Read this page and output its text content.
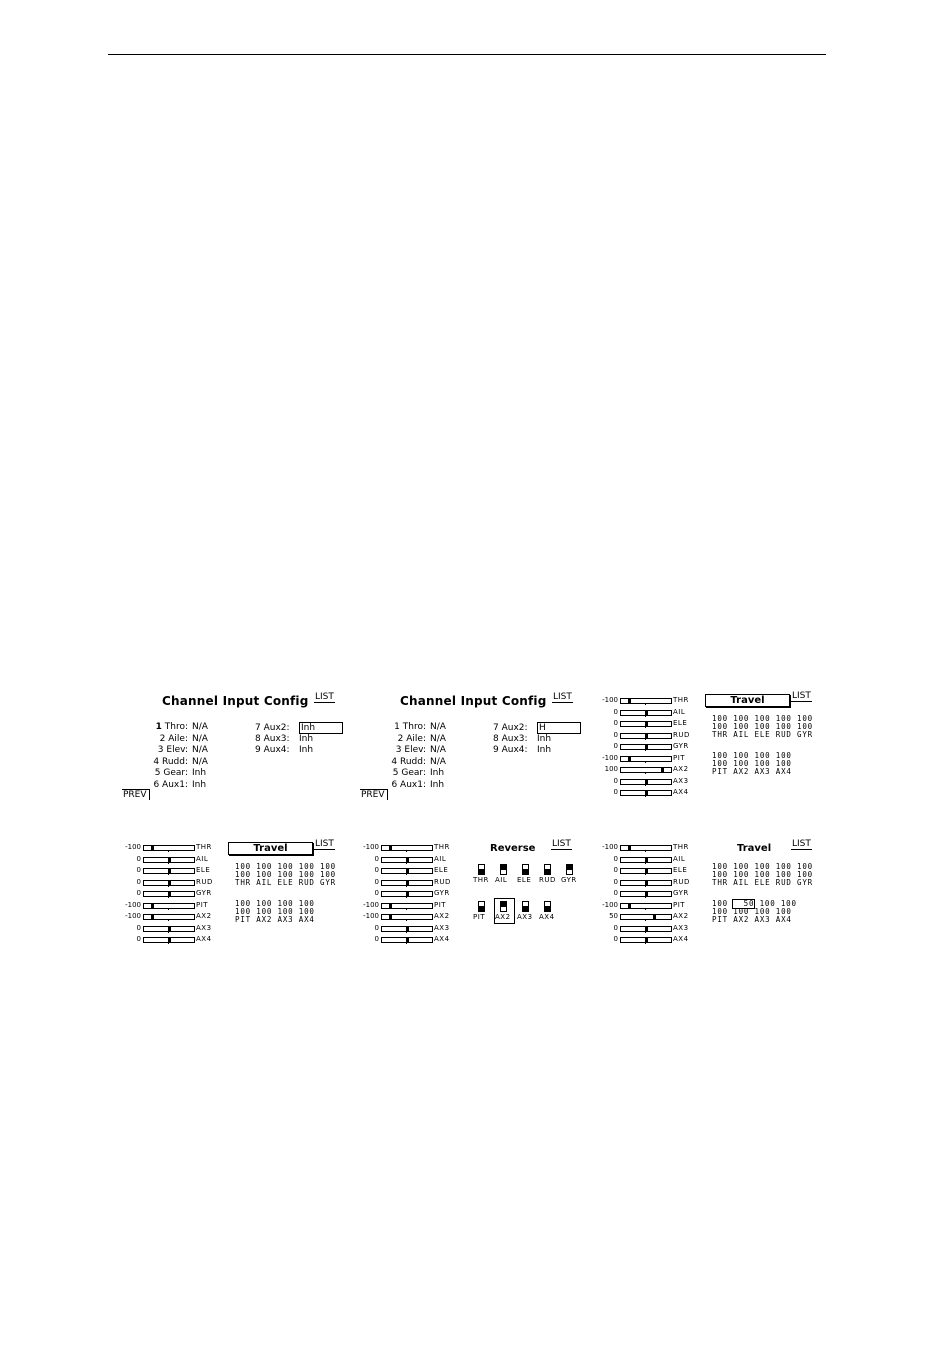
Channel Input Config LIST
1 Thro: N/A
2 Aile: N/A
3 Elev: N/A
4 Rudd: N/A
5 Gear: Inh
6 Aux1: Inh
7 Aux2: Inh
8 Aux3: Inh
9 Aux4: Inh
PREV
Channel Input Config LIST
1 Thro: N/A
2 Aile: N/A
3 Elev: N/A
4 Rudd: N/A
5 Gear: Inh
6 Aux1: Inh
7 Aux2: H
8 Aux3: Inh
9 Aux4: Inh
PREV
-100	THR
0	AIL
0	ELE
0	RUD
0	GYR
-100	PIT
100	AX2
0	AX3
0	AX4
Travel	LIST
100 100 100 100 100
100 100 100 100 100
THR AIL ELE RUD GYR
100 100 100 100
100 100 100 100
PIT AX2 AX3 AX4
-100	THR
0	AIL
0	ELE
0	RUD
0	GYR
-100	PIT
-100	AX2
0	AX3
0	AX4
Travel	LIST
100 100 100 100 100
100 100 100 100 100
THR AIL ELE RUD GYR
100 100 100 100
100 100 100 100
PIT AX2 AX3 AX4
-100	THR
0	AIL
0	ELE
0	RUD
0	GYR
-100	PIT
-100	AX2
0	AX3
0	AX4
Reverse LIST
THR AIL ELE RUD GYR
PIT AX2 AX3 AX4
-100	THR
0	AIL
0	ELE
0	RUD
0	GYR
-100	PIT
50	AX2
0	AX3
0	AX4
Travel LIST
100 100 100 100 100
100 100 100 100 100
THR AIL ELE RUD GYR
100 50 100 100
100 100 100 100
PIT AX2 AX3 AX4
